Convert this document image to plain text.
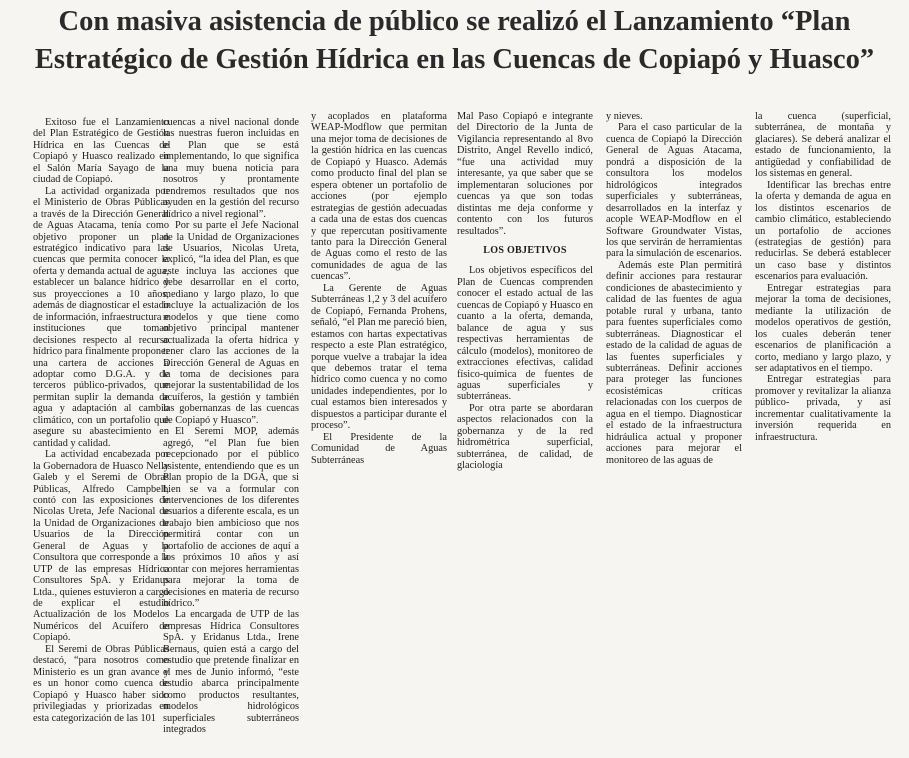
Con masiva asistencia de público se realizó el Lanzamiento “Plan Estratégico de Gestión Hídrica en las Cuencas de Copiapó y Huasco”

Exitoso fue el Lanzamiento del Plan Estratégico de Gestión Hídrica en las Cuencas de Copiapó y Huasco realizado en el Salón María Sayago de la ciudad de Copiapó.

La actividad organizada por el Ministerio de Obras Públicas a través de la Dirección General de Aguas Atacama, tenía como objetivo proponer un plan estratégico indicativo para las cuencas que permita conocer la oferta y demanda actual de agua, establecer un balance hídrico y sus proyecciones a 10 años, además de diagnosticar el estado de información, infraestructura e instituciones que toman decisiones respecto al recurso hídrico para finalmente proponer una cartera de acciones a adoptar como D.G.A. y de terceros público-privados, que permitan suplir la demanda de agua y adaptación al cambio climático, con un portafolio que asegure su abastecimiento en cantidad y calidad.

La actividad encabezada por la Gobernadora de Huasco Nelly Galeb y el Seremi de Obras Públicas, Alfredo Campbell, contó con las exposiciones de Nicolas Ureta, Jefe Nacional de la Unidad de Organizaciones de Usuarios de la Dirección General de Aguas y la Consultora que corresponde a la UTP de las empresas Hídrica Consultores SpA. y Eridanus Ltda., quienes estuvieron a cargo de explicar el estudio Actualización de los Modelos Numéricos del Acuífero de Copiapó.

El Seremi de Obras Públicas destacó, “para nosotros como Ministerio es un gran avance y es un honor como cuenca de Copiapó y Huasco haber sido privilegiadas y priorizadas en esta categorización de las 101

cuencas a nivel nacional donde las nuestras fueron incluidas en el Plan que se está implementando, lo que significa una muy buena noticia para nosotros y prontamente tendremos resultados que nos ayuden en la gestión del recurso hídrico a nivel regional”.

Por su parte el Jefe Nacional de la Unidad de Organizaciones de Usuarios, Nicolas Ureta, explicó, “la idea del Plan, es que este incluya las acciones que debe desarrollar en el corto, mediano y largo plazo, lo que incluye la actualización de los modelos y que tiene como objetivo principal mantener actualizada la oferta hídrica y tener claro las acciones de la Dirección General de Aguas en la toma de decisiones para mejorar la sustentabilidad de los acuíferos, la gestión y también las gobernanzas de las cuencas de Copiapó y Huasco”.

El Seremi MOP, además agregó, “el Plan fue bien recepcionado por el público asistente, entendiendo que es un Plan propio de la DGA, que si bien se va a formular con intervenciones de los diferentes usuarios a diferente escala, es un trabajo bien ambicioso que nos permitirá contar con un portafolio de acciones de aquí a los próximos 10 años y así contar con mejores herramientas para mejorar la toma de decisiones en materia de recurso hídrico.”

La encargada de UTP de las empresas Hídrica Consultores SpA. y Eridanus Ltda., Irene Bernaus, quien está a cargo del estudio que pretende finalizar en el mes de Junio informó, “este estudio abarca principalmente como productos resultantes, modelos hidrológicos superficiales subterráneos integrados

y acoplados en plataforma WEAP-Modflow que permitan una mejor toma de decisiones de la gestión hídrica en las cuencas de Copiapó y Huasco. Además como producto final del plan se espera obtener un portafolio de acciones (por ejemplo estrategias de gestión adecuadas a cada una de estas dos cuencas y que repercutan positivamente tanto para la Dirección General de Aguas como el resto de las comunidades de agua de las cuencas”.

La Gerente de Aguas Subterráneas 1,2 y 3 del acuífero de Copiapó, Fernanda Prohens, señaló, “el Plan me pareció bien, estamos con hartas expectativas respecto a este Plan estratégico, porque vuelve a trabajar la idea que debemos tratar el tema hídrico como cuenca y no como unidades independientes, por lo cual estamos bien interesados y dispuestos a participar durante el proceso”.

El Presidente de la Comunidad de Aguas Subterráneas

Mal Paso Copiapó e integrante del Directorio de la Junta de Vigilancia representando al 8vo Distrito, Angel Revello indicó, “fue una actividad muy interesante, ya que saber que se implementaran soluciones por cuencas ya que son todas distintas me deja conforme y contento con los futuros resultados”.

LOS OBJETIVOS

Los objetivos específicos del Plan de Cuencas comprenden conocer el estado actual de las cuencas de Copiapó y Huasco en cuanto a la oferta, demanda, balance de agua y sus respectivas herramientas de cálculo (modelos), monitoreo de extracciones efectivas, calidad físico-química de fuentes de aguas superficiales y subterráneas.

Por otra parte se abordaran aspectos relacionados con la gobernanza y de la red hidrométrica superficial, subterránea, de calidad, de glaciología

y nieves.

Para el caso particular de la cuenca de Copiapó la Dirección General de Aguas Atacama, pondrá a disposición de la consultora los modelos hidrológicos integrados superficiales y subterráneas, desarrollados en la interfaz y acople WEAP-Modflow en el Software Groundwater Vistas, los que servirán de herramientas para la simulación de escenarios.

Además este Plan permitirá definir acciones para restaurar condiciones de abastecimiento y calidad de las fuentes de agua potable rural y urbana, tanto para fuentes superficiales como subterráneas. Diagnosticar el estado de la calidad de aguas de las fuentes superficiales y subterráneas. Definir acciones para proteger las funciones ecosistémicas críticas relacionadas con los cuerpos de agua en el tiempo. Diagnosticar el estado de la infraestructura hidráulica actual y proponer acciones para mejorar el monitoreo de las aguas de

la cuenca (superficial, subterránea, de montaña y glaciares). Se deberá analizar el estado de funcionamiento, la antigüedad y confiabilidad de los sistemas en general.

Identificar las brechas entre la oferta y demanda de agua en los distintos escenarios de cambio climático, estableciendo un portafolio de acciones (estrategias de gestión) para reducirlas. Se deberá establecer un caso base y distintos escenarios para evaluación.

Entregar estrategias para mejorar la toma de decisiones, mediante la utilización de modelos operativos de gestión, los cuales deberán tener escenarios de planificación a corto, mediano y largo plazo, y ser adaptativos en el tiempo.

Entregar estrategias para promover y revitalizar la alianza público- privada, y así incrementar cualitativamente la inversión requerida en infraestructura.
